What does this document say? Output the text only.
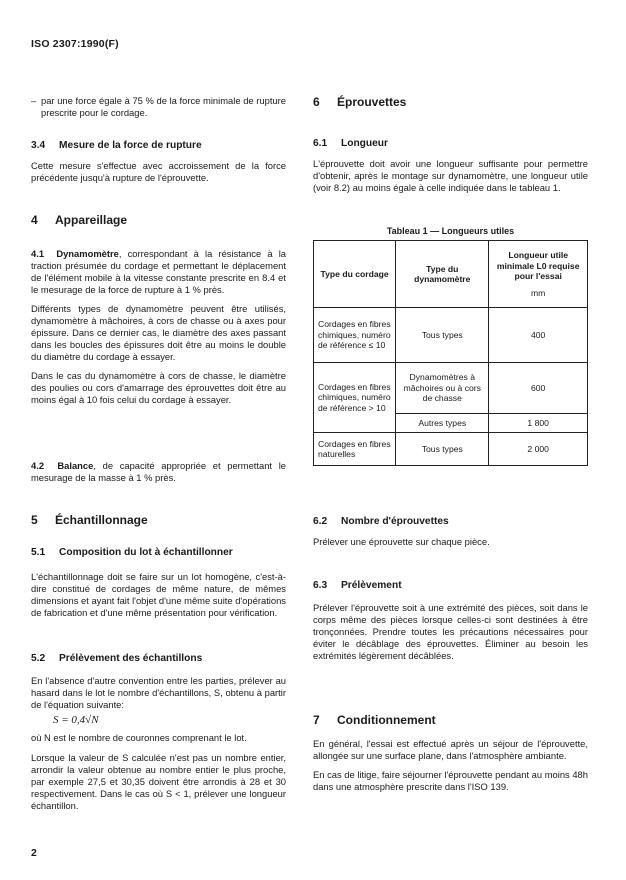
ISO 2307:1990(F)
– par une force égale à 75 % de la force minimale de rupture prescrite pour le cordage.

3.4 Mesure de la force de rupture

Cette mesure s'effectue avec accroissement de la force précédente jusqu'à rupture de l'éprouvette.

4 Appareillage

4.1 Dynamomètre, correspondant à la résistance à la traction présumée du cordage et permettant le déplacement de l'élément mobile à la vitesse constante prescrite en 8.4 et le mesurage de la force de rupture à 1 % près.

Différents types de dynamomètre peuvent être utilisés, dynamomètre à mâchoires, à cors de chasse ou à axes pour épissure. Dans ce dernier cas, le diamètre des axes passant dans les boucles des épissures doit être au moins le double du diamètre du cordage à essayer.

Dans le cas du dynamomètre à cors de chasse, le diamètre des poulies ou cors d'amarrage des éprouvettes doit être au moins égal à 10 fois celui du cordage à essayer.

4.2 Balance, de capacité appropriée et permettant le mesurage de la masse à 1 % près.

5 Échantillonnage
5.1 Composition du lot à échantillonner

L'échantillonnage doit se faire sur un lot homogène, c'est-à-dire constitué de cordages de même nature, de mêmes dimensions et ayant fait l'objet d'une même suite d'opérations de fabrication et d'une même présentation pour vérification.

5.2 Prélèvement des échantillons

En l'absence d'autre convention entre les parties, prélever au hasard dans le lot le nombre d'échantillons, S, obtenu à partir de l'équation suivante:

S = 0,4√N

où N est le nombre de couronnes comprenant le lot.

Lorsque la valeur de S calculée n'est pas un nombre entier, arrondir la valeur obtenue au nombre entier le plus proche, par exemple 27,5 et 30,35 doivent être arrondis à 28 et 30 respectivement. Dans le cas où S < 1, prélever une longueur échantillon.

6 Éprouvettes
6.1 Longueur

L'éprouvette doit avoir une longueur suffisante pour permettre d'obtenir, après le montage sur dynamomètre, une longueur utile (voir 8.2) au moins égale à celle indiquée dans le tableau 1.

Tableau 1 — Longueurs utiles
Type du cordage	Type du dynamomètre	Longueur utile minimale L0 requise pour l'essai
mm
Cordages en fibres chimiques, numéro de référence ≤ 10	Tous types	400
Cordages en fibres chimiques, numéro de référence > 10	Dynamomètres à mâchoires ou à cors de chasse	600
	Autres types	1 800
Cordages en fibres naturelles	Tous types	2 000
6.2 Nombre d'éprouvettes

Prélever une éprouvette sur chaque pièce.

6.3 Prélèvement

Prélever l'éprouvette soit à une extrémité des pièces, soit dans le corps même des pièces lorsque celles-ci sont destinées à être tronçonnées. Prendre toutes les précautions nécessaires pour éviter le décâblage des éprouvettes. Éliminer au besoin les extrémités légèrement décâblées.

7 Conditionnement

En général, l'essai est effectué après un séjour de l'éprouvette, allongée sur une surface plane, dans l'atmosphère ambiante.

En cas de litige, faire séjourner l'éprouvette pendant au moins 48h dans une atmosphère prescrite dans l'ISO 139.

2
